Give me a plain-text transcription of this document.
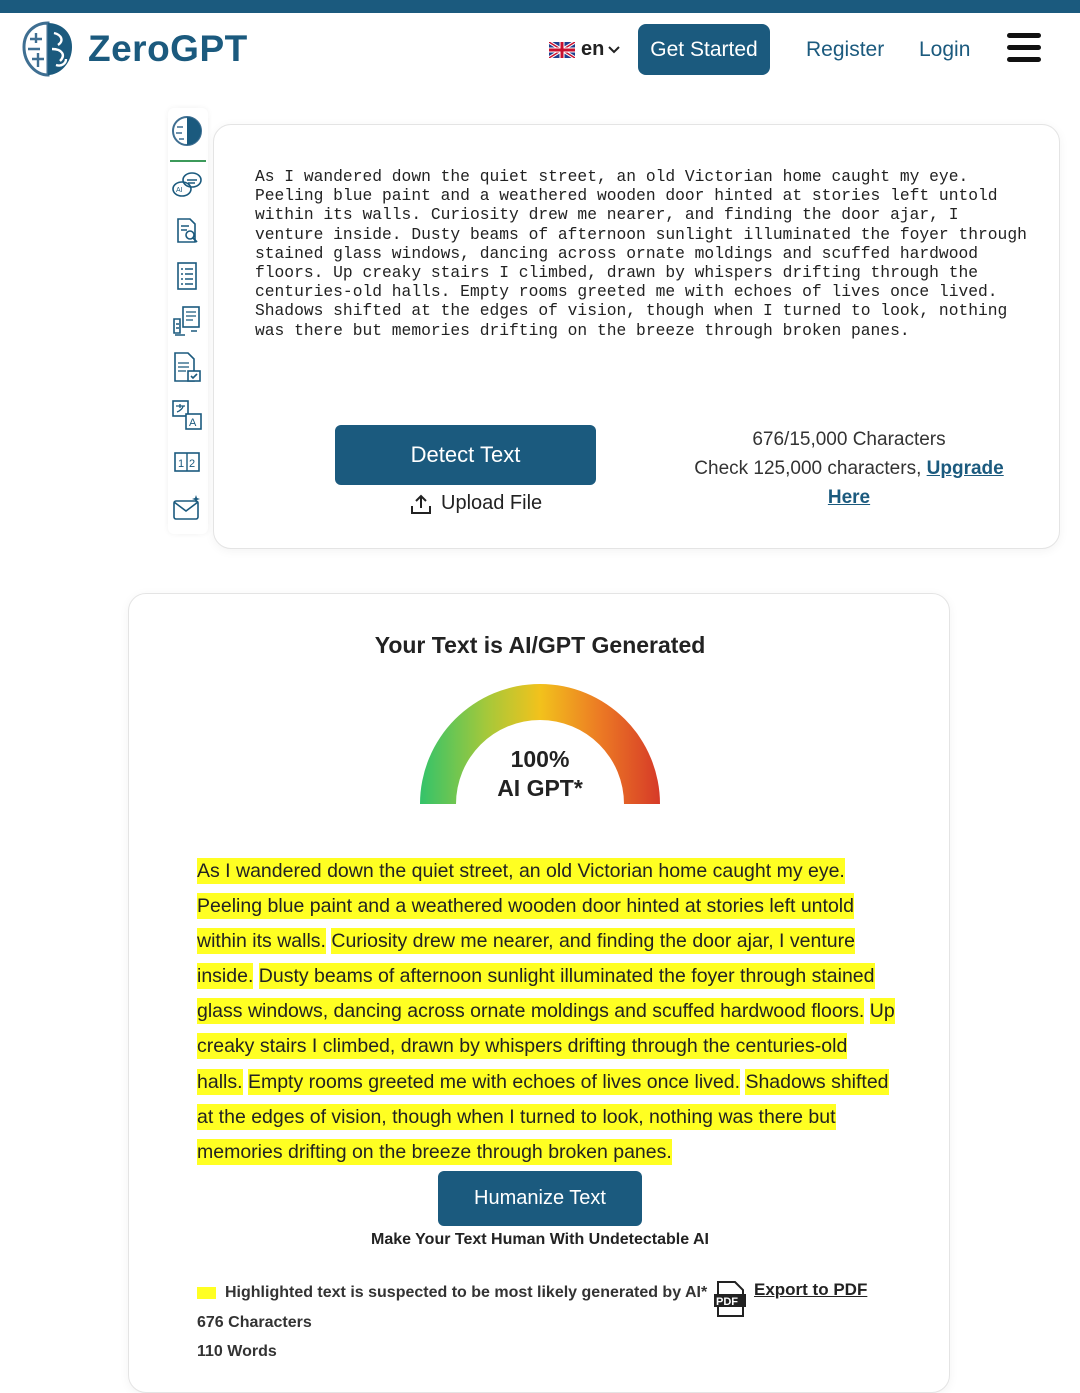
ZeroGPT	en	Get Started	Register Login
AI
A
1 2
As I wandered down the quiet street, an old Victorian home caught my eye.
Peeling blue paint and a weathered wooden door hinted at stories left untold
within its walls. Curiosity drew me nearer, and finding the door ajar, I
venture inside. Dusty beams of afternoon sunlight illuminated the foyer through
stained glass windows, dancing across ornate moldings and scuffed hardwood
floors. Up creaky stairs I climbed, drawn by whispers drifting through the
centuries-old halls. Empty rooms greeted me with echoes of lives once lived.
Shadows shifted at the edges of vision, though when I turned to look, nothing
was there but memories drifting on the breeze through broken panes.
Detect Text
Upload File
676/15,000 Characters
Check 125,000 characters, Upgrade Here
Your Text is AI/GPT Generated
100%
AI GPT*
As I wandered down the quiet street, an old Victorian home caught my eye. Peeling blue paint and a weathered wooden door hinted at stories left untold within its walls. Curiosity drew me nearer, and finding the door ajar, I venture inside. Dusty beams of afternoon sunlight illuminated the foyer through stained glass windows, dancing across ornate moldings and scuffed hardwood floors. Up creaky stairs I climbed, drawn by whispers drifting through the centuries-old halls. Empty rooms greeted me with echoes of lives once lived. Shadows shifted at the edges of vision, though when I turned to look, nothing was there but memories drifting on the breeze through broken panes.
Humanize Text
Make Your Text Human With Undetectable AI
Highlighted text is suspected to be most likely generated by AI*
PDF
Export to PDF
676 Characters
110 Words
